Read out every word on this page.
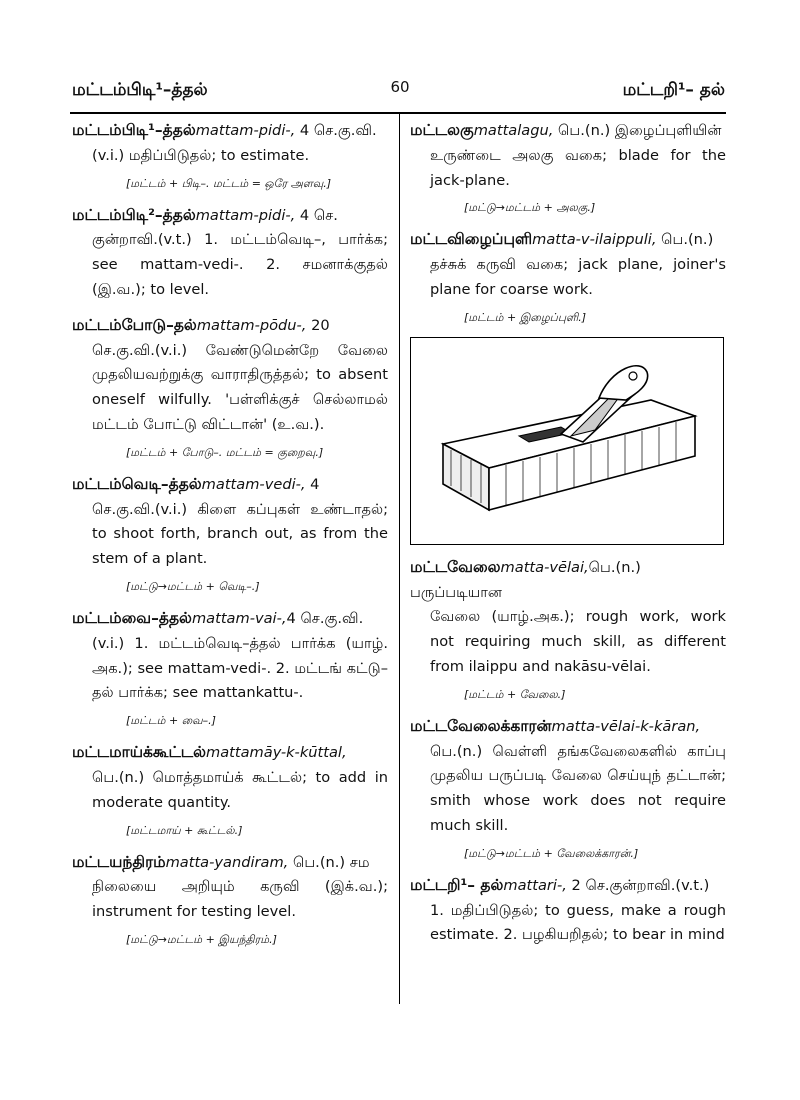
மட்டம்பிடி¹–த்தல்	60	மட்டறி¹– தல்
மட்டம்பிடி¹–த்தல்mattam-pidi-, 4 செ.கு.வி.
(v.i.) மதிப்பிடுதல்; to estimate.
[மட்டம் + பிடி–. மட்டம் = ஒரே அளவு.]
மட்டம்பிடி²–த்தல்mattam-pidi-, 4 செ.
குன்றாவி.(v.t.) 1. மட்டம்வெடி–, பார்க்க; see mattam-vedi-. 2. சமனாக்குதல் (இ.வ.); to level.
மட்டம்போடு–தல்mattam-pōdu-, 20
செ.கு.வி.(v.i.) வேண்டுமென்றே வேலை முதலியவற்றுக்கு வாராதிருத்தல்; to absent oneself wilfully. 'பள்ளிக்குச் செல்லாமல் மட்டம் போட்டு விட்டான்' (உ.வ.).
[மட்டம் + போடு–. மட்டம் = குறைவு.]
மட்டம்வெடி–த்தல்mattam-vedi-, 4
செ.கு.வி.(v.i.) கிளை கப்புகள் உண்டாதல்; to shoot forth, branch out, as from the stem of a plant.
[மட்டு→மட்டம் + வெடி–.]
மட்டம்வை–த்தல்mattam-vai-,4 செ.கு.வி.
(v.i.) 1. மட்டம்வெடி–த்தல் பார்க்க (யாழ். அக.); see mattam-vedi-. 2. மட்டங் கட்டு–தல் பார்க்க; see mattankattu-.
[மட்டம் + வை–.]
மட்டமாய்க்கூட்டல்mattamāy-k-kūttal,
பெ.(n.) மொத்தமாய்க் கூட்டல்; to add in moderate quantity.
[மட்டமாய் + கூட்டல்.]
மட்டயந்திரம்matta-yandiram, பெ.(n.) சம
நிலையை அறியும் கருவி (இக்.வ.); instrument for testing level.
[மட்டு→மட்டம் + இயந்திரம்.]
மட்டலகுmattalagu, பெ.(n.) இழைப்புளியின்
உருண்டை அலகு வகை; blade for the jack-plane.
[மட்டு→மட்டம் + அலகு.]
மட்டவிழைப்புளிmatta-v-ilaippuli, பெ.(n.)
தச்சுக் கருவி வகை; jack plane, joiner's plane for coarse work.
[மட்டம் + இழைப்புளி.]
மட்டவேலைmatta-vēlai,பெ.(n.) பருப்படியான
வேலை (யாழ்.அக.); rough work, work not requiring much skill, as different from ilaippu and nakāsu-vēlai.
[மட்டம் + வேலை.]
மட்டவேலைக்காரன்matta-vēlai-k-kāran,
பெ.(n.) வெள்ளி தங்கவேலைகளில் காப்பு முதலிய பருப்படி வேலை செய்யுந் தட்டான்; smith whose work does not require much skill.
[மட்டு→மட்டம் + வேலைக்காரன்.]
மட்டறி¹– தல்mattari-, 2 செ.குன்றாவி.(v.t.)
1. மதிப்பிடுதல்; to guess, make a rough estimate. 2. பழகியறிதல்; to bear in mind
